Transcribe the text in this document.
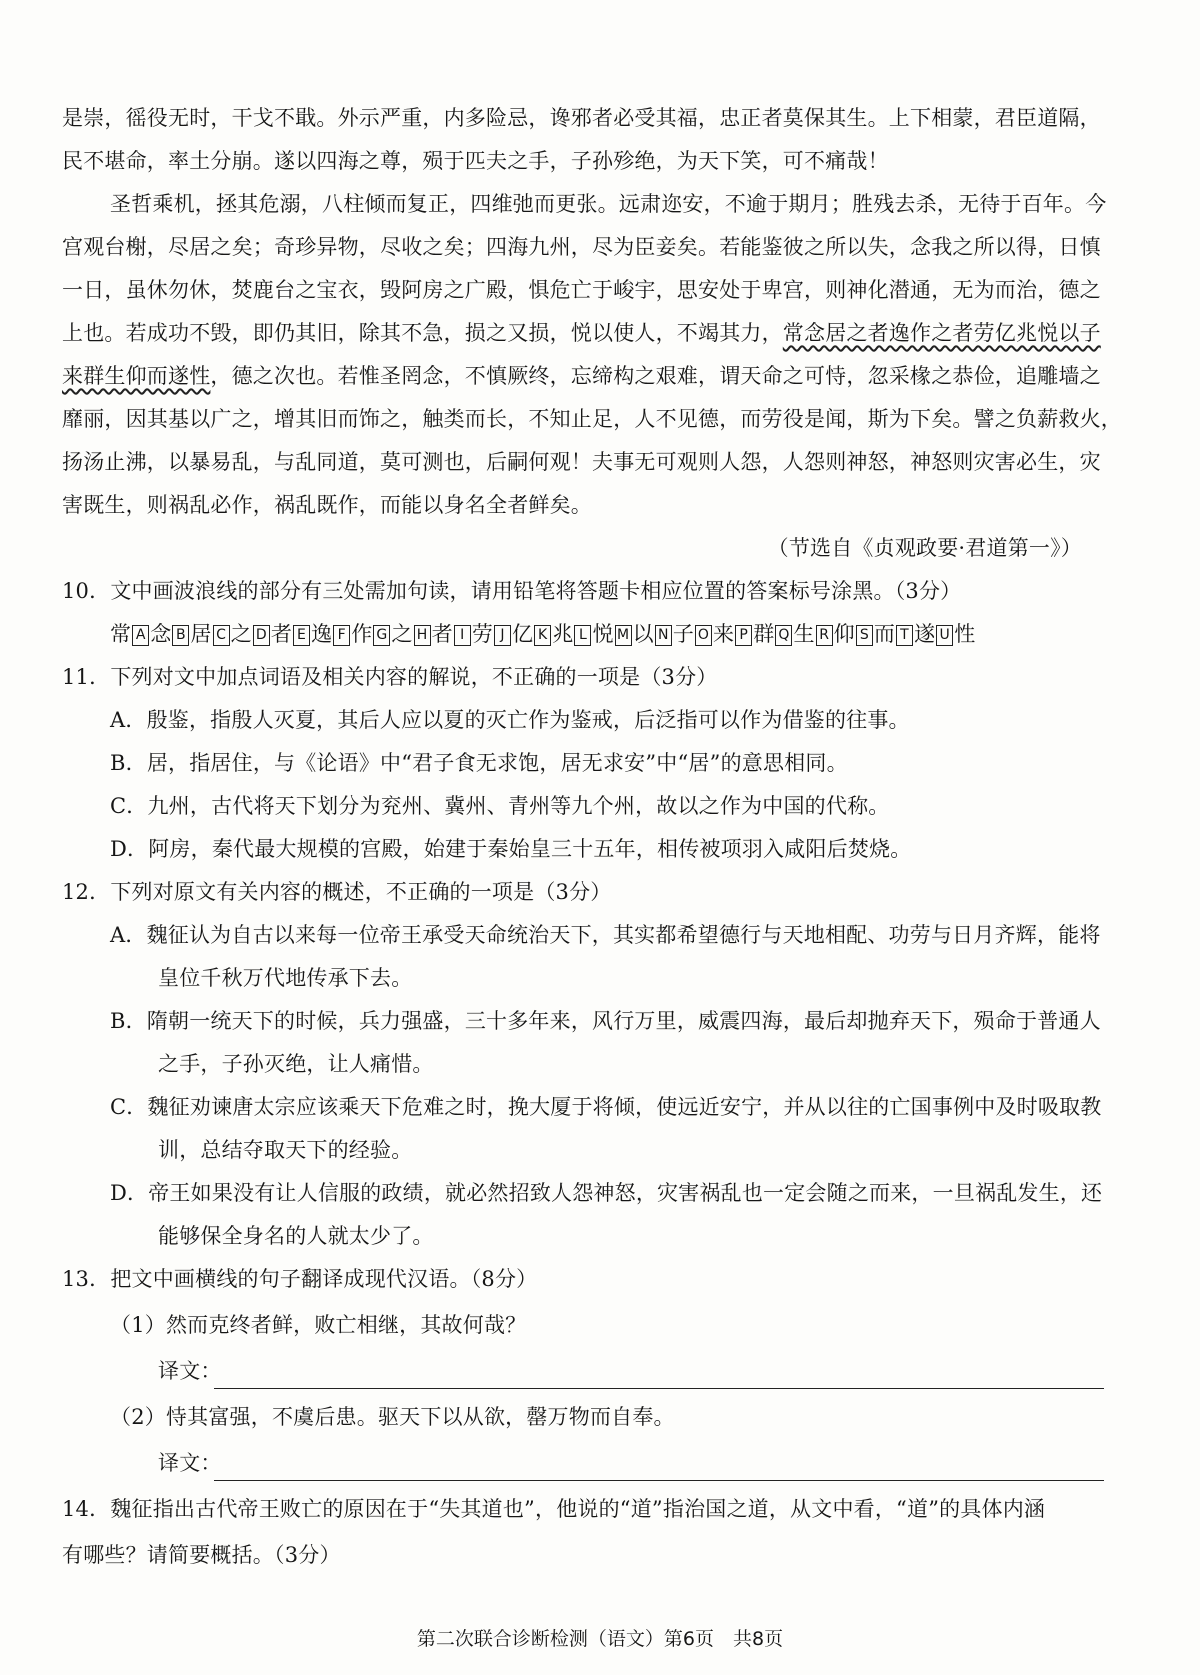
是崇，徭役无时，干戈不戢。外示严重，内多险忌，谗邪者必受其福，忠正者莫保其生。上下相蒙，君臣道隔，
民不堪命，率土分崩。遂以四海之尊，殒于匹夫之手，子孙殄绝，为天下笑，可不痛哉！
圣哲乘机，拯其危溺，八柱倾而复正，四维弛而更张。远肃迩安，不逾于期月；胜残去杀，无待于百年。今
宫观台榭，尽居之矣；奇珍异物，尽收之矣；四海九州，尽为臣妾矣。若能鉴彼之所以失，念我之所以得，日慎
一日，虽休勿休，焚鹿台之宝衣，毁阿房之广殿，惧危亡于峻宇，思安处于卑宫，则神化潜通，无为而治，德之
上也。若成功不毁，即仍其旧，除其不急，损之又损，悦以使人，不竭其力，常念居之者逸作之者劳亿兆悦以子
来群生仰而遂性，德之次也。若惟圣罔念，不慎厥终，忘缔构之艰难，谓天命之可恃，忽采椽之恭俭，追雕墙之
靡丽，因其基以广之，增其旧而饰之，触类而长，不知止足，人不见德，而劳役是闻，斯为下矣。譬之负薪救火，
扬汤止沸，以暴易乱，与乱同道，莫可测也，后嗣何观！夫事无可观则人怨，人怨则神怒，神怒则灾害必生，灾
害既生，则祸乱必作，祸乱既作，而能以身名全者鲜矣。
（节选自《贞观政要·君道第一》）
10．文中画波浪线的部分有三处需加句读，请用铅笔将答题卡相应位置的答案标号涂黑。（3分）
常 A 念 B 居 C 之 D 者 E 逸 F 作 G 之 H 者 I 劳 J 亿 K 兆 L 悦 M 以 N 子 O 来 P 群 Q 生 R 仰 S 而 T 遂 U 性
11．下列对文中加点词语及相关内容的解说，不正确的一项是（3分）
A．殷鉴，指殷人灭夏，其后人应以夏的灭亡作为鉴戒，后泛指可以作为借鉴的往事。
B．居，指居住，与《论语》中“君子食无求饱，居无求安”中“居”的意思相同。
C．九州，古代将天下划分为兖州、冀州、青州等九个州，故以之作为中国的代称。
D．阿房，秦代最大规模的宫殿，始建于秦始皇三十五年，相传被项羽入咸阳后焚烧。
12．下列对原文有关内容的概述，不正确的一项是（3分）
A．魏征认为自古以来每一位帝王承受天命统治天下，其实都希望德行与天地相配、功劳与日月齐辉，能将
皇位千秋万代地传承下去。
B．隋朝一统天下的时候，兵力强盛，三十多年来，风行万里，威震四海，最后却抛弃天下，殒命于普通人
之手，子孙灭绝，让人痛惜。
C．魏征劝谏唐太宗应该乘天下危难之时，挽大厦于将倾，使远近安宁，并从以往的亡国事例中及时吸取教
训，总结夺取天下的经验。
D．帝王如果没有让人信服的政绩，就必然招致人怨神怒，灾害祸乱也一定会随之而来，一旦祸乱发生，还
能够保全身名的人就太少了。
13．把文中画横线的句子翻译成现代汉语。（8分）
（1）然而克终者鲜，败亡相继，其故何哉？
译文：
（2）恃其富强，不虞后患。驱天下以从欲，罄万物而自奉。
译文：
14．魏征指出古代帝王败亡的原因在于“失其道也”，他说的“道”指治国之道，从文中看，“道”的具体内涵
有哪些？请简要概括。（3分）
第二次联合诊断检测（语文）第6页　共8页
